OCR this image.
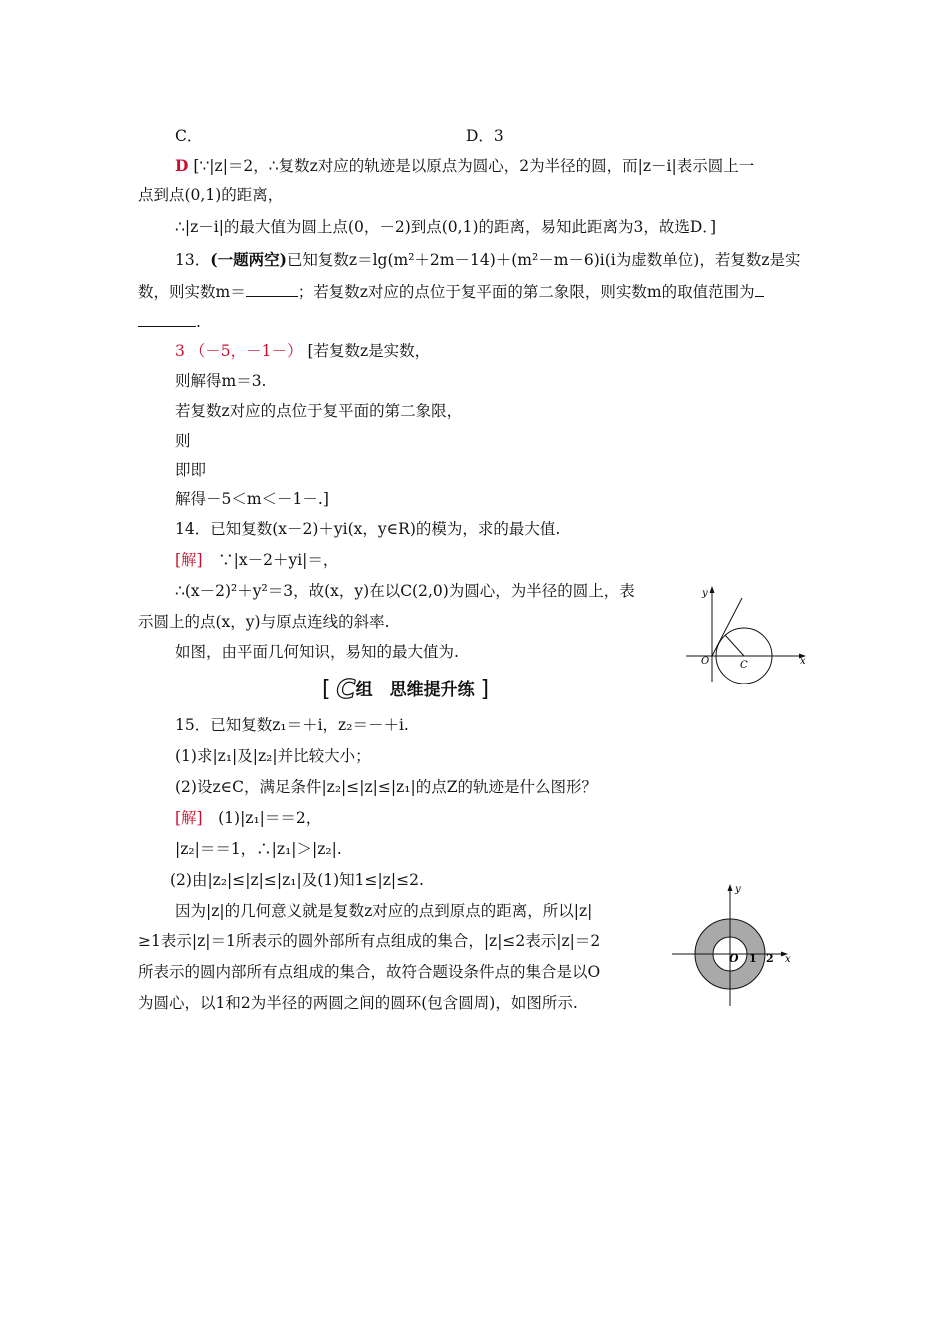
C．	D．3
D [∵|z|＝2，∴复数z对应的轨迹是以原点为圆心，2为半径的圆，而|z－i|表示圆上一
点到点(0,1)的距离，
∴|z－i|的最大值为圆上点(0，－2)到点(0,1)的距离，易知此距离为3，故选D．]
13．(一题两空)已知复数z＝lg(m²＋2m－14)＋(m²－m－6)i(i为虚数单位)，若复数z是实
数，则实数m＝	；若复数z对应的点位于复平面的第二象限，则实数m的取值范围为
.
3 （－5，－1－） [若复数z是实数，
则解得m＝3.
若复数z对应的点位于复平面的第二象限，
则
即即
解得－5＜m＜－1－.]
14．已知复数(x－2)＋yi(x，y∈R)的模为，求的最大值.
[解]　 ∵|x－2＋yi|＝，
∴(x－2)²＋y²＝3，故(x，y)在以C(2,0)为圆心，为半径的圆上，表
示圆上的点(x，y)与原点连线的斜率.
如图，由平面几何知识，易知的最大值为.
y
x
O	C
[ C组　思维提升练 ]
15．已知复数z₁＝＋i，z₂＝－＋i.
(1)求|z₁|及|z₂|并比较大小；
(2)设z∈C，满足条件|z₂|≤|z|≤|z₁|的点Z的轨迹是什么图形？
[解]　 (1)|z₁|＝＝2，
|z₂|＝＝1，∴|z₁|＞|z₂|.
(2)由|z₂|≤|z|≤|z₁|及(1)知1≤|z|≤2.
因为|z|的几何意义就是复数z对应的点到原点的距离，所以|z|
≥1表示|z|＝1所表示的圆外部所有点组成的集合，|z|≤2表示|z|＝2
所表示的圆内部所有点组成的集合，故符合题设条件点的集合是以O
为圆心，以1和2为半径的两圆之间的圆环(包含圆周)，如图所示.
y
x
O 1 2
